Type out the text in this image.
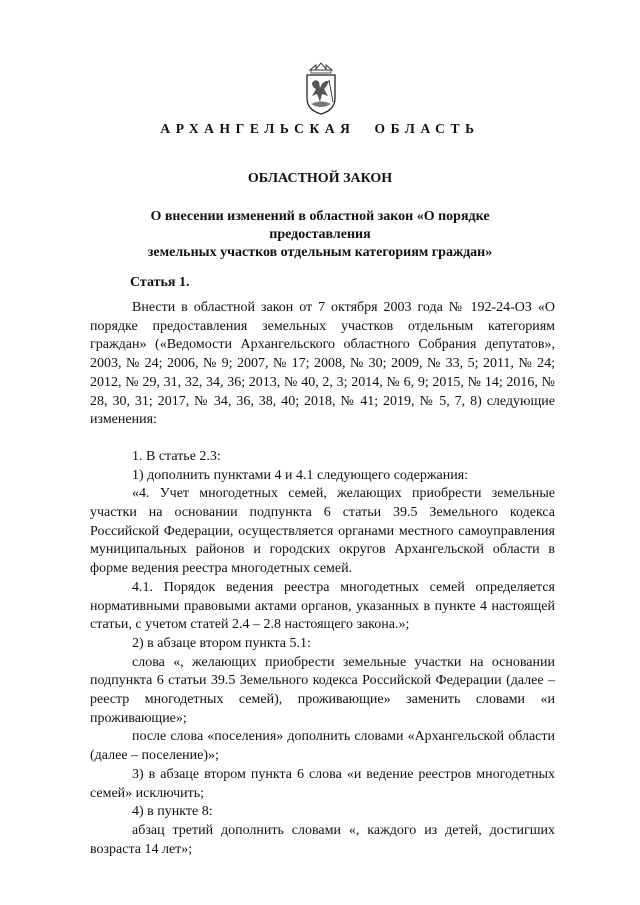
АРХАНГЕЛЬСКАЯ ОБЛАСТЬ
ОБЛАСТНОЙ ЗАКОН
О внесении изменений в областной закон «О порядке предоставления
земельных участков отдельным категориям граждан»
Статья 1.

Внести в областной закон от 7 октября 2003 года № 192-24-ОЗ «О порядке предоставления земельных участков отдельным категориям граждан» («Ведомости Архангельского областного Собрания депутатов», 2003, № 24; 2006, № 9; 2007, № 17; 2008, № 30; 2009, № 33, 5; 2011, № 24; 2012, № 29, 31, 32, 34, 36; 2013, № 40, 2, 3; 2014, № 6, 9; 2015, № 14; 2016, № 28, 30, 31; 2017, № 34, 36, 38, 40; 2018, № 41; 2019, № 5, 7, 8) следующие изменения:

1. В статье 2.3:

1) дополнить пунктами 4 и 4.1 следующего содержания:

«4. Учет многодетных семей, желающих приобрести земельные участки на основании подпункта 6 статьи 39.5 Земельного кодекса Российской Федерации, осуществляется органами местного самоуправления муниципальных районов и городских округов Архангельской области в форме ведения реестра многодетных семей.

4.1. Порядок ведения реестра многодетных семей определяется нормативными правовыми актами органов, указанных в пункте 4 настоящей статьи, с учетом статей 2.4 – 2.8 настоящего закона.»;

2) в абзаце втором пункта 5.1:

слова «, желающих приобрести земельные участки на основании подпункта 6 статьи 39.5 Земельного кодекса Российской Федерации (далее – реестр многодетных семей), проживающие» заменить словами «и проживающие»;

после слова «поселения» дополнить словами «Архангельской области (далее – поселение)»;

3) в абзаце втором пункта 6 слова «и ведение реестров многодетных семей» исключить;

4) в пункте 8:

абзац третий дополнить словами «, каждого из детей, достигших возраста 14 лет»;
